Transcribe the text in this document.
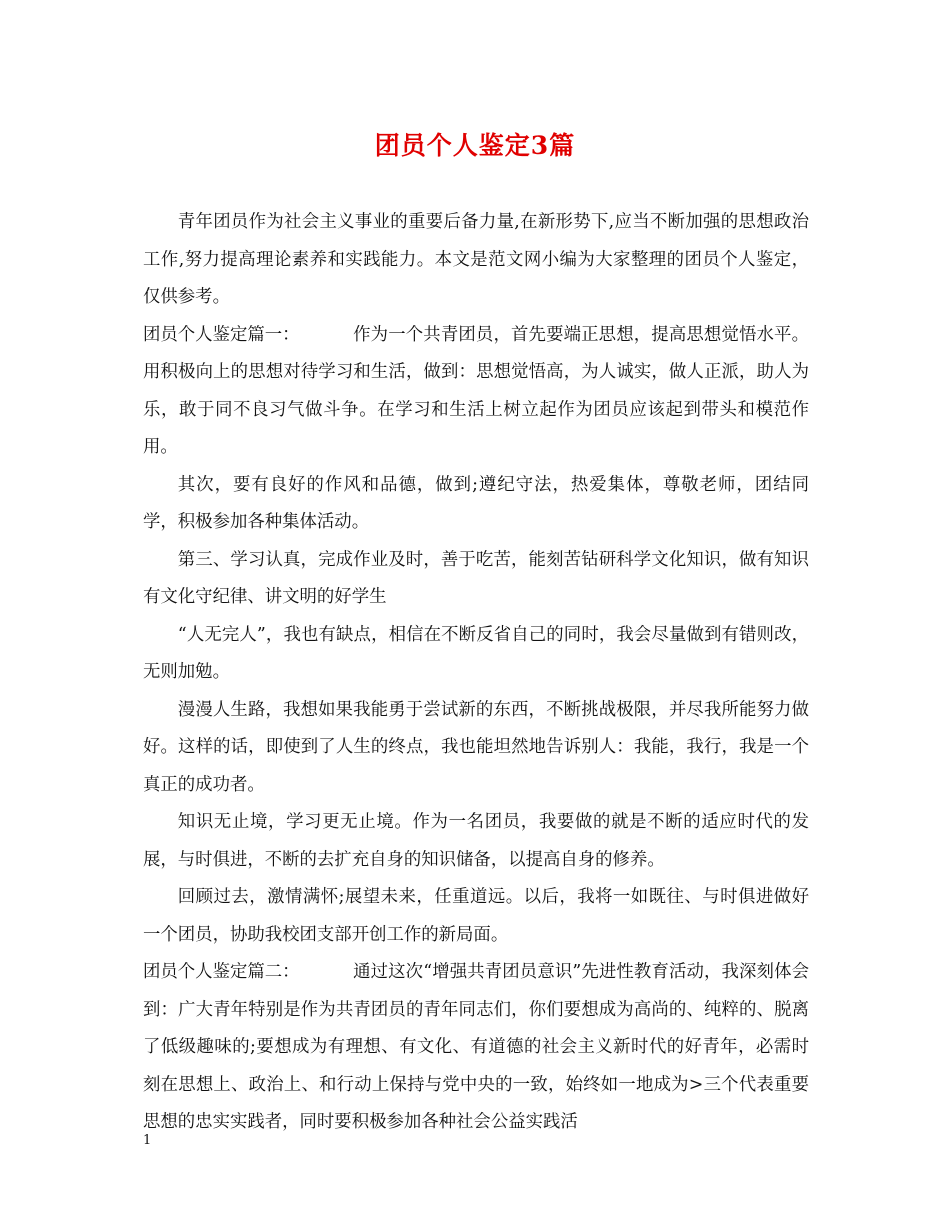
团员个人鉴定3篇

青年团员作为社会主义事业的重要后备力量,在新形势下,应当不断加强的思想政治工作,努力提高理论素养和实践能力。本文是范文网小编为大家整理的团员个人鉴定，仅供参考。

团员个人鉴定篇一：	作为一个共青团员，首先要端正思想，提高思想觉悟水平。用积极向上的思想对待学习和生活，做到：思想觉悟高，为人诚实，做人正派，助人为乐，敢于同不良习气做斗争。在学习和生活上树立起作为团员应该起到带头和模范作用。

其次，要有良好的作风和品德，做到;遵纪守法，热爱集体，尊敬老师，团结同学，积极参加各种集体活动。

第三、学习认真，完成作业及时，善于吃苦，能刻苦钻研科学文化知识，做有知识有文化守纪律、讲文明的好学生

“人无完人”，我也有缺点，相信在不断反省自己的同时，我会尽量做到有错则改，无则加勉。

漫漫人生路，我想如果我能勇于尝试新的东西，不断挑战极限，并尽我所能努力做好。这样的话，即使到了人生的终点，我也能坦然地告诉别人：我能，我行，我是一个真正的成功者。

知识无止境，学习更无止境。作为一名团员，我要做的就是不断的适应时代的发展，与时俱进，不断的去扩充自身的知识储备，以提高自身的修养。

回顾过去，激情满怀;展望未来，任重道远。以后，我将一如既往、与时俱进做好一个团员，协助我校团支部开创工作的新局面。

团员个人鉴定篇二：	通过这次“增强共青团员意识”先进性教育活动，我深刻体会到：广大青年特别是作为共青团员的青年同志们，你们要想成为高尚的、纯粹的、脱离了低级趣味的;要想成为有理想、有文化、有道德的社会主义新时代的好青年，必需时刻在思想上、政治上、和行动上保持与党中央的一致，始终如一地成为>三个代表重要思想的忠实实践者，同时要积极参加各种社会公益实践活

1
